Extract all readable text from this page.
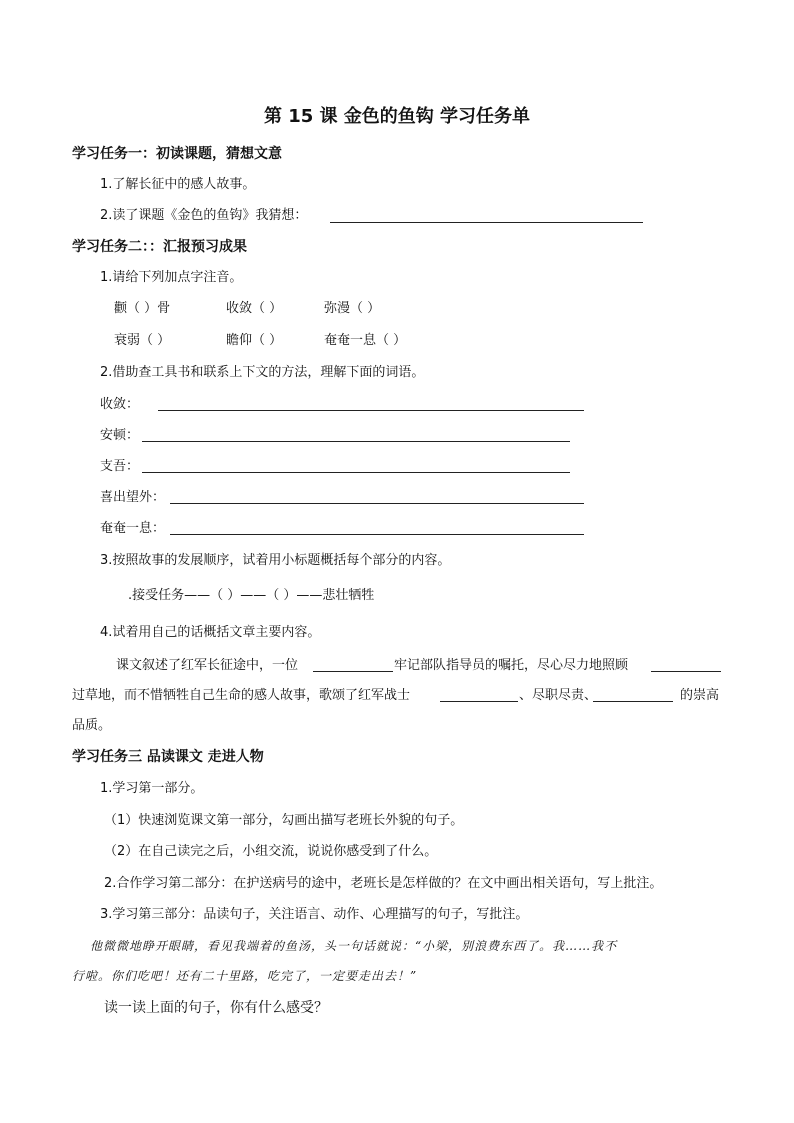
第 15 课 金色的鱼钩 学习任务单
学习任务一：初读课题，猜想文意
1.了解长征中的感人故事。
2.读了课题《金色的鱼钩》我猜想：
学习任务二：：汇报预习成果
1.请给下列加点字注音。
颧（ ）骨	收敛（ ）	弥漫（ ）
衰弱（ ）	瞻仰（ ）	奄奄一息（ ）
2.借助查工具书和联系上下文的方法，理解下面的词语。
收敛：
安顿：
支吾：
喜出望外：
奄奄一息：
3.按照故事的发展顺序，试着用小标题概括每个部分的内容。
.接受任务——（ ）——（ ）——悲壮牺牲
4.试着用自己的话概括文章主要内容。
课文叙述了红军长征途中，一位	牢记部队指导员的嘱托，尽心尽力地照顾
过草地，而不惜牺牲自己生命的感人故事，歌颂了红军战士	、尽职尽责、	的崇高
品质。
学习任务三 品读课文 走进人物
1.学习第一部分。
（1）快速浏览课文第一部分，勾画出描写老班长外貌的句子。
（2）在自己读完之后，小组交流，说说你感受到了什么。
2.合作学习第二部分：在护送病号的途中，老班长是怎样做的？在文中画出相关语句，写上批注。
3.学习第三部分：品读句子，关注语言、动作、心理描写的句子，写批注。
他微微地睁开眼睛，看见我端着的鱼汤，头一句话就说：“小梁，别浪费东西了。我……我不
行啦。你们吃吧！还有二十里路，吃完了，一定要走出去！”
读一读上面的句子，你有什么感受？
